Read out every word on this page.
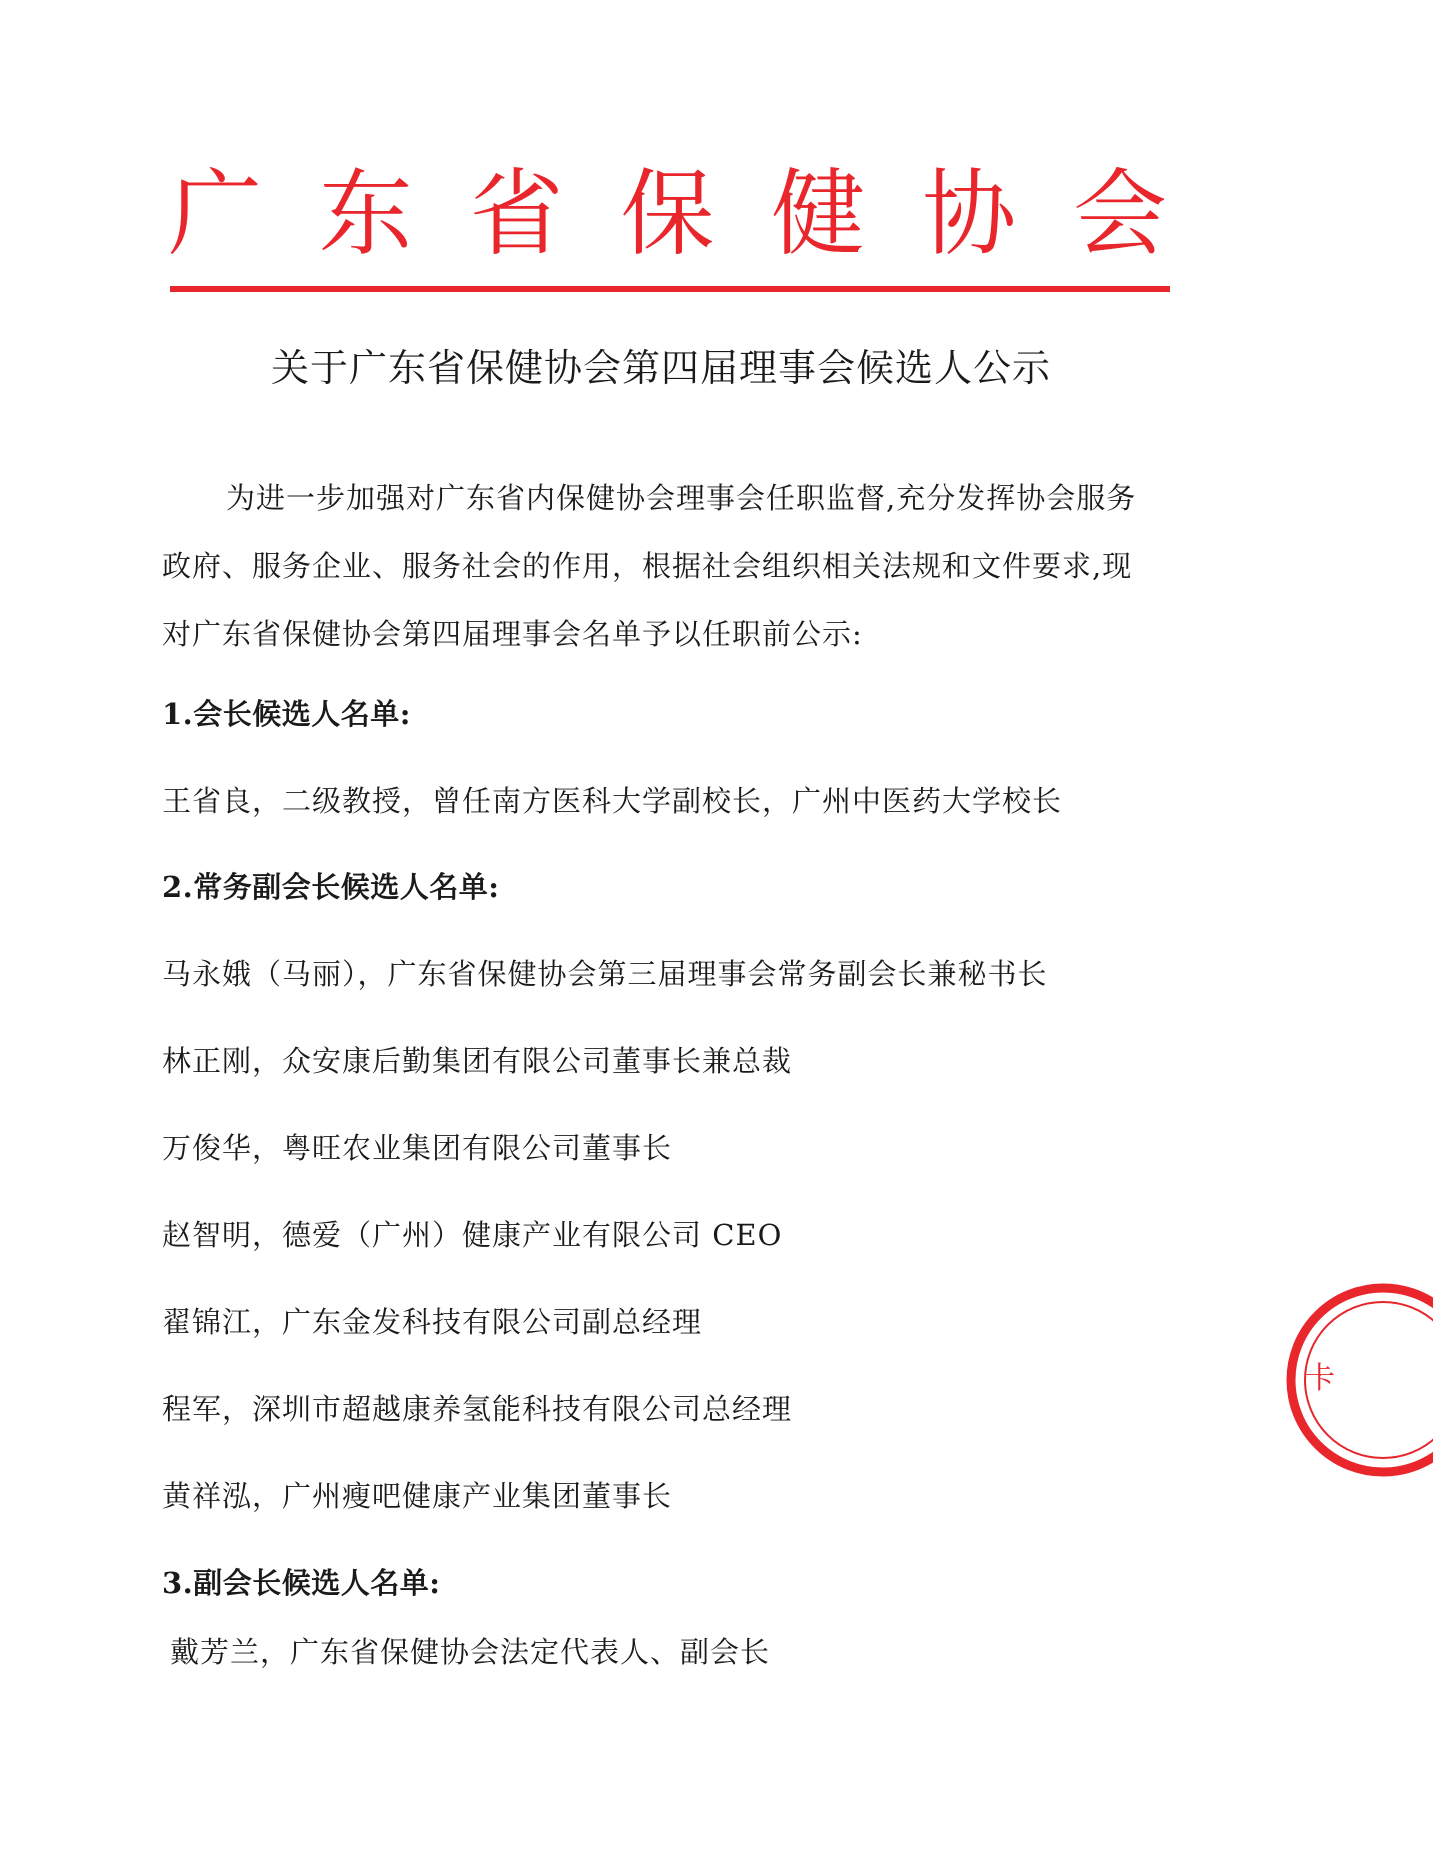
广 东 省 保 健 协 会
关于广东省保健协会第四届理事会候选人公示
为进一步加强对广东省内保健协会理事会任职监督,充分发挥协会服务
政府、服务企业、服务社会的作用，根据社会组织相关法规和文件要求,现
对广东省保健协会第四届理事会名单予以任职前公示:
1.会长候选人名单:
王省良，二级教授，曾任南方医科大学副校长，广州中医药大学校长
2.常务副会长候选人名单:
马永娥（马丽），广东省保健协会第三届理事会常务副会长兼秘书长
林正刚，众安康后勤集团有限公司董事长兼总裁
万俊华，粤旺农业集团有限公司董事长
赵智明，德爱（广州）健康产业有限公司 CEO
翟锦江，广东金发科技有限公司副总经理
程军，深圳市超越康养氢能科技有限公司总经理
黄祥泓，广州瘦吧健康产业集团董事长
3.副会长候选人名单:
戴芳兰，广东省保健协会法定代表人、副会长
卡
